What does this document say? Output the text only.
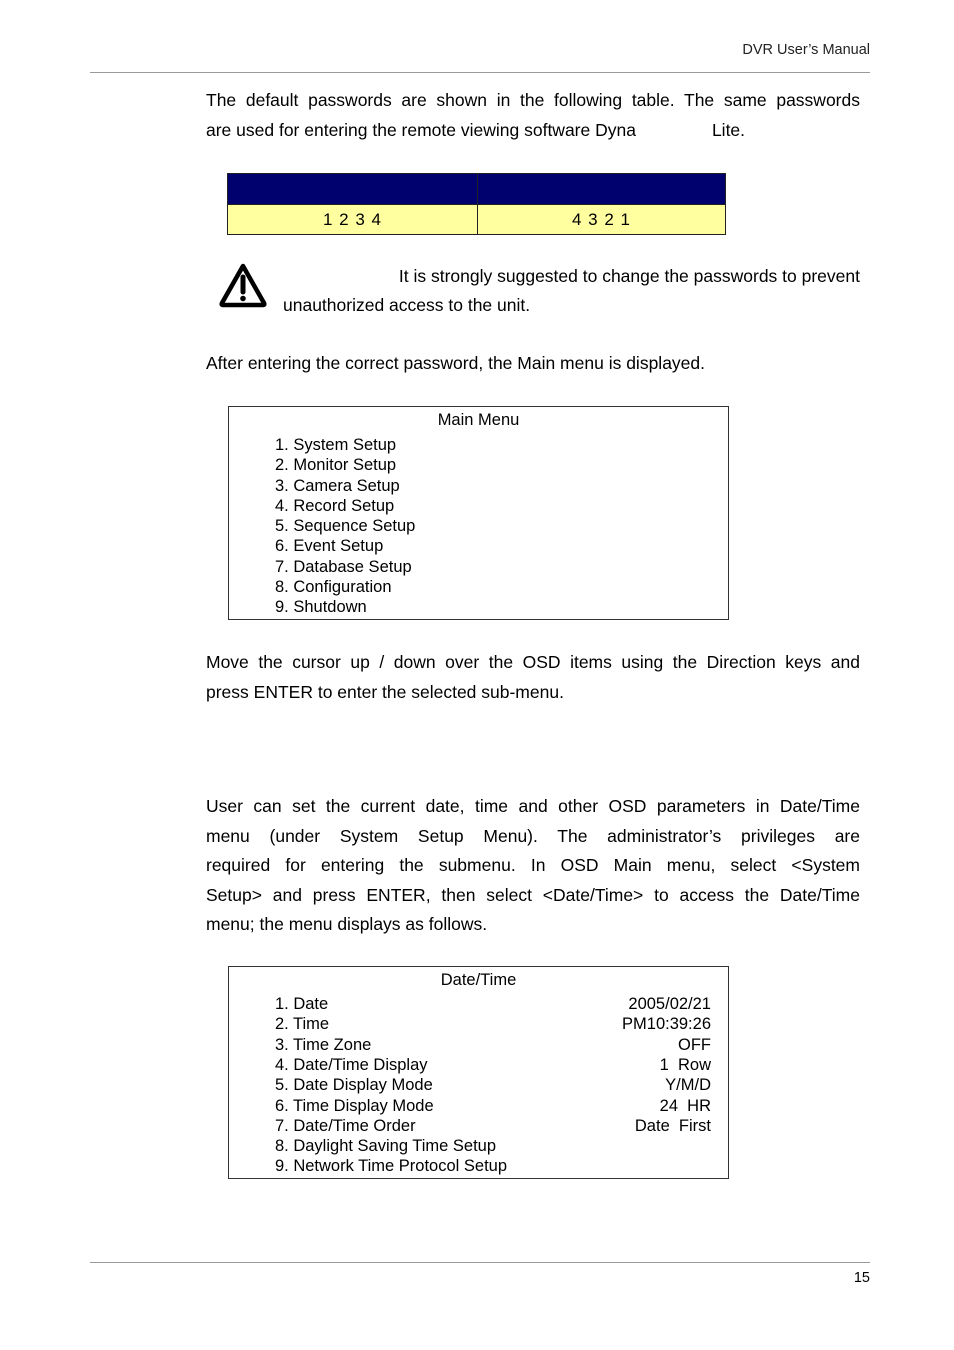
DVR User’s Manual

The default passwords are shown in the following table. The same passwords
are used for entering the remote viewing software Dyna	Lite.

1 2 3 4	4 3 2 1
It is strongly suggested to change the passwords to prevent
unauthorized access to the unit.

After entering the correct password, the Main menu is displayed.

Main Menu
1. System Setup
2. Monitor Setup
3. Camera Setup
4. Record Setup
5. Sequence Setup
6. Event Setup
7. Database Setup
8. Configuration
9. Shutdown

Move the cursor up / down over the OSD items using the Direction keys and
press ENTER to enter the selected sub-menu.

User can set the current date, time and other OSD parameters in Date/Time
menu (under System Setup Menu). The administrator’s privileges are
required for entering the submenu. In OSD Main menu, select <System
Setup> and press ENTER, then select <Date/Time> to access the Date/Time
menu; the menu displays as follows.

Date/Time
1. Date	2005/02/21
2. Time	PM10:39:26
3. Time Zone	OFF
4. Date/Time Display	1  Row
5. Date Display Mode	Y/M/D
6. Time Display Mode	24  HR
7. Date/Time Order	Date  First
8. Daylight Saving Time Setup
9. Network Time Protocol Setup
15
